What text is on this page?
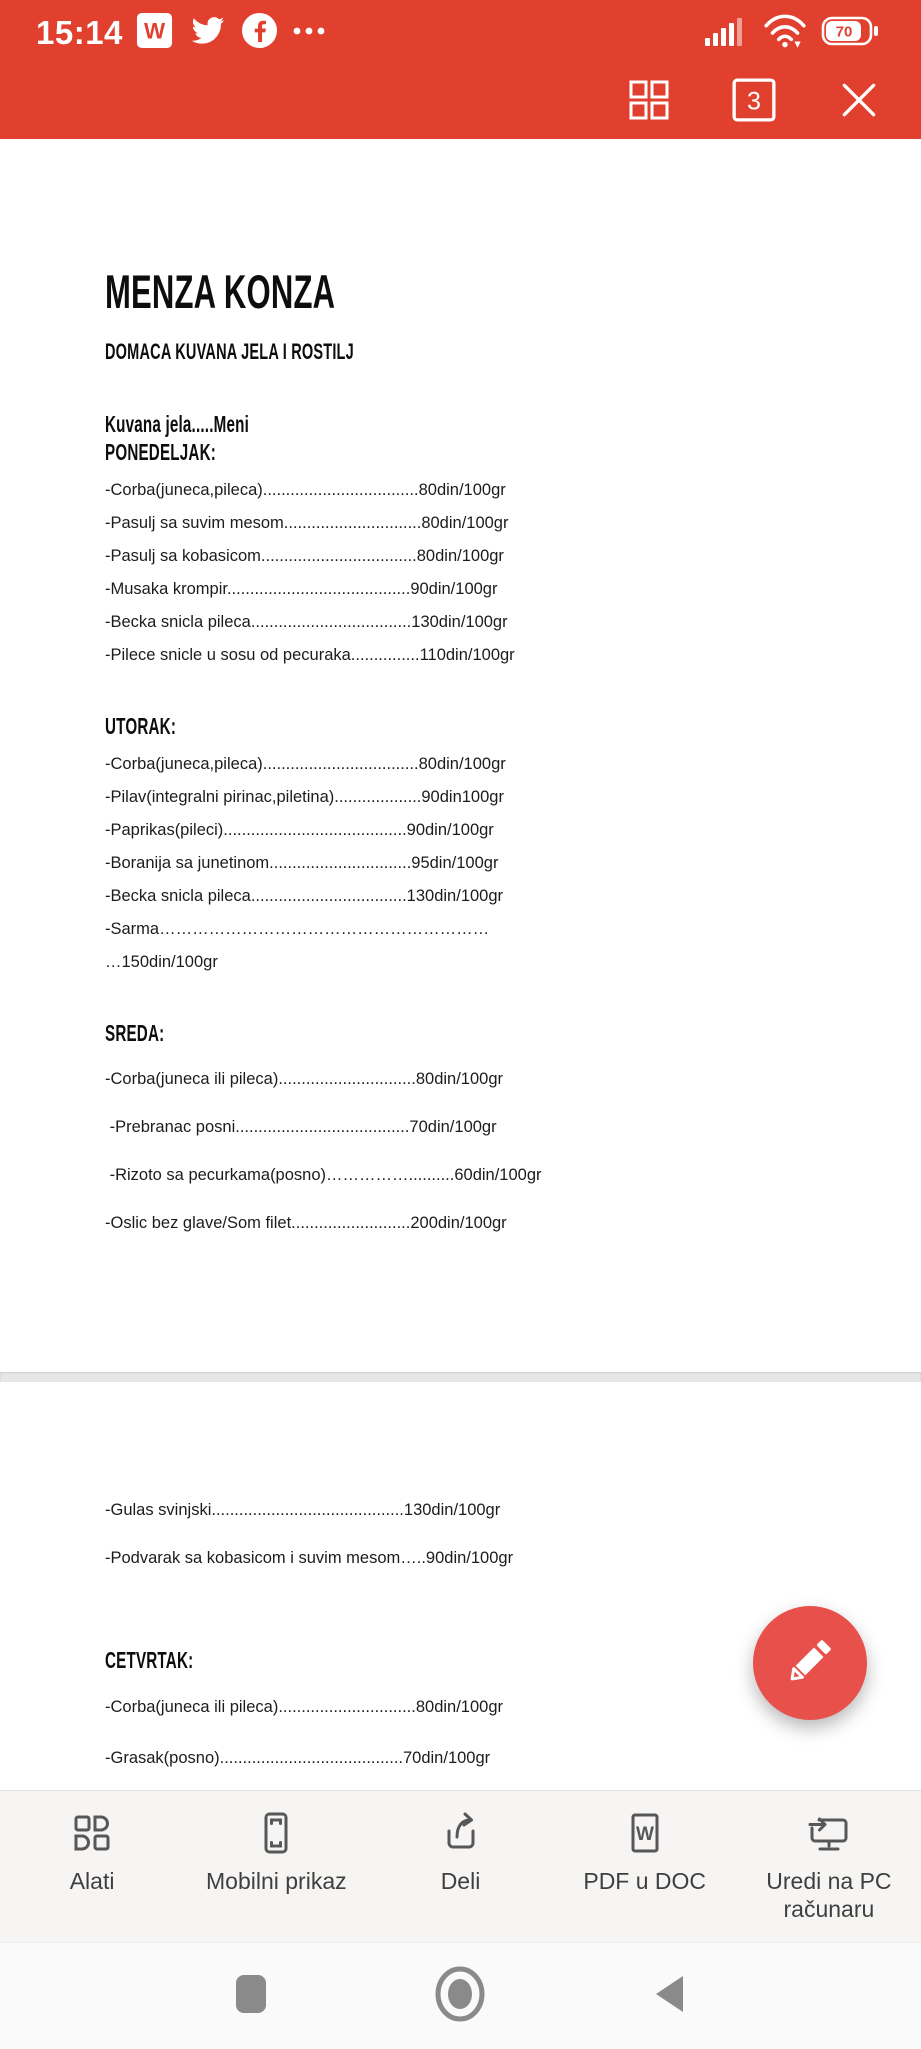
15:14 W	70
3
MENZA KONZA
DOMACA KUVANA JELA I ROSTILJ
Kuvana jela.....Meni
PONEDELJAK:
-Corba(juneca,pileca)..................................80din/100gr
-Pasulj sa suvim mesom..............................80din/100gr
-Pasulj sa kobasicom..................................80din/100gr
-Musaka krompir........................................90din/100gr
-Becka snicla pileca...................................130din/100gr
-Pilece snicle u sosu od pecuraka...............110din/100gr
UTORAK:
-Corba(juneca,pileca)..................................80din/100gr
-Pilav(integralni pirinac,piletina)...................90din100gr
-Paprikas(pileci)........................................90din/100gr
-Boranija sa junetinom...............................95din/100gr
-Becka snicla pileca..................................130din/100gr
-Sarma……………………………………………………
…150din/100gr
SREDA:
-Corba(juneca ili pileca)..............................80din/100gr
-Prebranac posni......................................70din/100gr
-Rizoto sa pecurkama(posno)……………..........60din/100gr
-Oslic bez glave/Som filet..........................200din/100gr
-Gulas svinjski..........................................130din/100gr
-Podvarak sa kobasicom i suvim mesom…..90din/100gr
CETVRTAK:
-Corba(juneca ili pileca)..............................80din/100gr
-Grasak(posno)........................................70din/100gr
Alati	Mobilni prikaz	Deli
W
PDF u DOC	Uredi na PC računaru
